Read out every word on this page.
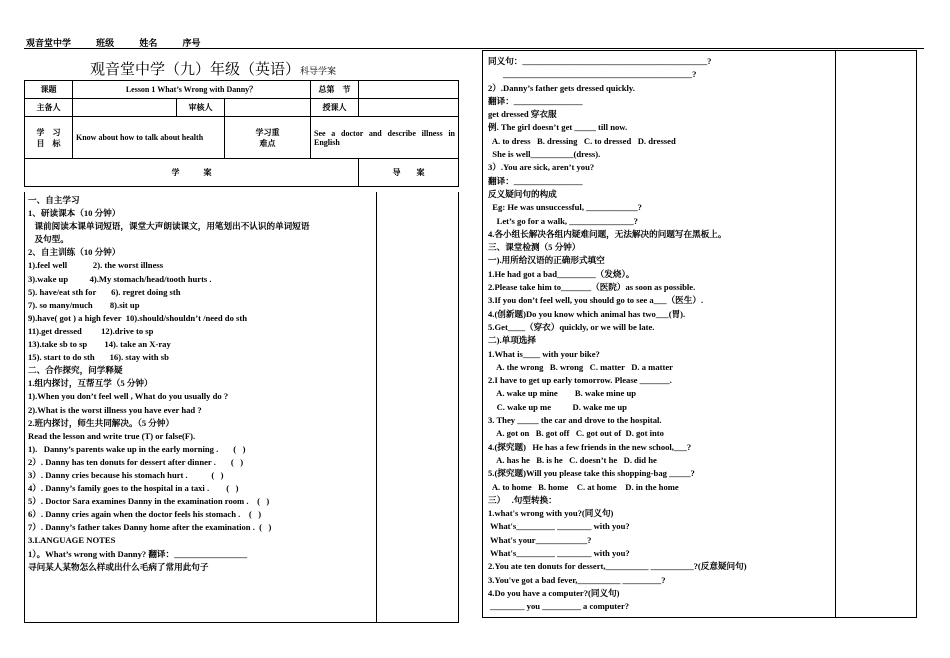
观音堂中学	班级	姓名	序号
观音堂中学（九）年级（英语）科导学案
课题	Lesson 1 What’s Wrong with Danny？			总第　节	
主备人		审核人		授课人	
学　习
目　标	Know about how to talk about health		学习重
难点	See a doctor and describe illness in English	
学　　　案					导　　案
一、自主学习
1、研读课本（10 分钟）
课前阅读本课单词短语，课堂大声朗读课文，用笔划出不认识的单词短语
及句型。
2、自主训练（10 分钟）
1).feel well            2). the worst illness
3).wake up          4).My stomach/head/tooth hurts .
5). have/eat sth for       6). regret doing sth
7). so many/much        8).sit up
9).have( got ) a high fever  10).should/shouldn’t /need do sth
11).get dressed         12).drive to sp
13).take sb to sp        14). take an X-ray
15). start to do sth       16). stay with sb
二、合作探究，问学释疑
1.组内探讨，互帮互学（5 分钟）
1).When you don’t feel well , What do you usually do ?
2).What is the worst illness you have ever had ?
2.班内探讨，师生共同解决。（5 分钟）
Read the lesson and write true (T) or false(F).
1).   Danny’s parents wake up in the early morning .       (   )
2）. Danny has ten donuts for dessert after dinner .       (   )
3）. Danny cries because his stomach hurt .           (   )
4）. Danny’s family goes to the hospital in a taxi .        (   )
5）. Doctor Sara examines Danny in the examination room .    (   )
6）. Danny cries again when the doctor feels his stomach .    (   )
7）. Danny’s father takes Danny home after the examination .  (   )
3.LANGUAGE NOTES
1）。What’s wrong with Danny? 翻译：_________________
寻问某人某物怎么样或出什么毛病了常用此句子
同义句：___________________________________________?
____________________________________________?
2）.Danny’s father gets dressed quickly.
翻译：________________
get dressed 穿衣服
例. The girl doesn’t get _____ till now.
A. to dress   B. dressing   C. to dressed   D. dressed
She is well__________(dress).
3）.You are sick, aren’t you?
翻译：________________
反义疑问句的构成
Eg: He was unsuccessful, ____________?
Let’s go for a walk, _______________?
4.各小组长解决各组内疑难问题，无法解决的问题写在黑板上。
三、课堂检测（5 分钟）
一).用所给汉语的正确形式填空
1.He had got a bad_________（发烧）。
2.Please take him to_______（医院）as soon as possible.
3.If you don’t feel well, you should go to see a___（医生）.
4.(创新题)Do you know which animal has two___(胃).
5.Get____（穿衣）quickly, or we will be late.
二).单项选择
1.What is____ with your bike?
A. the wrong   B. wrong   C. matter   D. a matter
2.I have to get up early tomorrow. Please _______.
A. wake up mine        B. wake mine up
C. wake up me          D. wake me up
3. They _____ the car and drove to the hospital.
A. got on   B. got off   C. got out of  D. got into
4.(探究题)   He has a few friends in the new school,___?
A. has he   B. is he   C. doesn’t he   D. did he
5.(探究题)Will you please take this shopping-bag _____?
A. to home   B. home    C. at home    D. in the home
三）   .句型转换：
1.what's wrong with you?(同义句)
What's_________ ________ with you?
What's your____________?
What's_________ ________ with you?
2.You ate ten donuts for dessert,__________ __________?(反意疑问句)
3.You've got a bad fever,__________ _________?
4.Do you have a computer?(同义句)
________ you _________ a computer?
